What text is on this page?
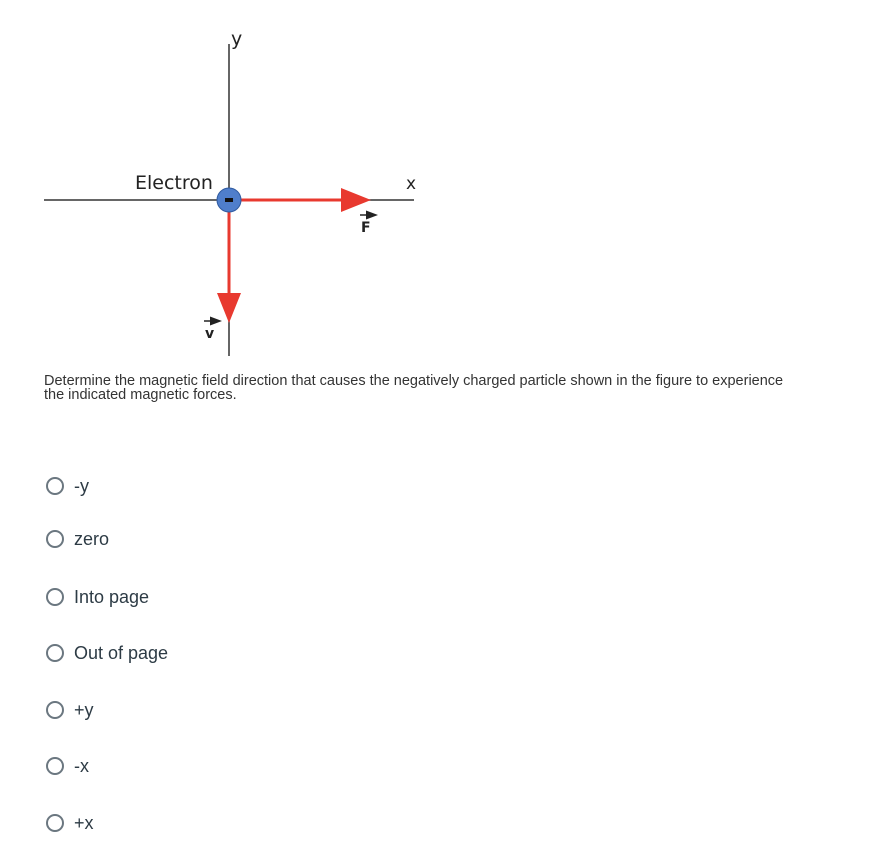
Electron
y
x
F
v

Determine the magnetic field direction that causes the negatively charged particle shown in the figure to experience the indicated magnetic forces.

-y
zero
Into page
Out of page
+y
-x
+x
